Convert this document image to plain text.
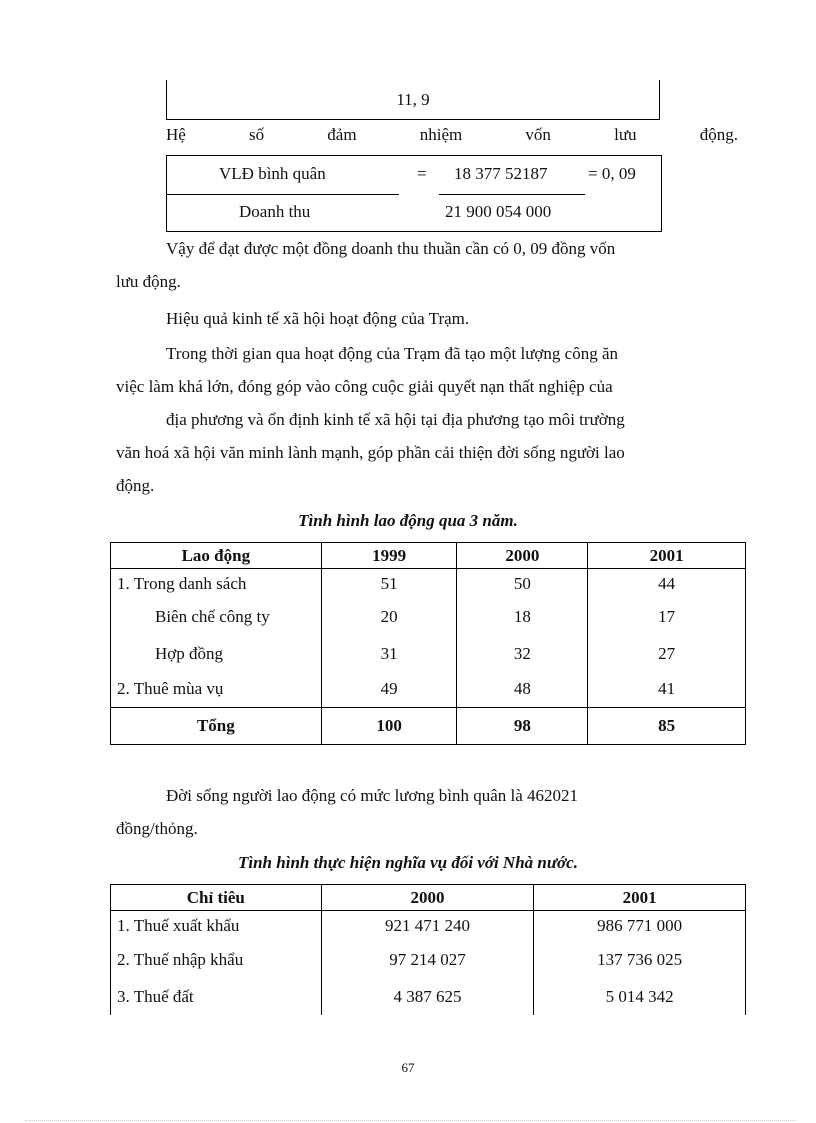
11, 9
Hệ	số	đảm	nhiệm	vốn	lưu	động.
VLĐ bình quân	= 18 377 52187 = 0, 09
Doanh thu	21 900 054 000
Vậy để đạt được một đồng doanh thu thuần cần có 0, 09 đồng vốn
lưu động.
Hiệu quả kinh tế xã hội hoạt động của Trạm.
Trong thời gian qua hoạt động của Trạm đã tạo một lượng công ăn
việc làm khá lớn, đóng góp vào công cuộc giải quyết nạn thất nghiệp của
địa phương và ổn định kinh tế xã hội tại địa phương tạo môi trường
văn hoá xã hội văn minh lành mạnh, góp phần cải thiện đời sống người lao
động.
Tình hình lao động qua 3 năm.
Lao động	1999	2000	2001
1. Trong danh sách	51	50	44
Biên chế công ty	20	18	17
Hợp đồng	31	32	27
2. Thuê mùa vụ	49	48	41
Tổng	100	98	85
Đời sống người lao động có mức lương bình quân là 462021
đồng/thỏng.
Tình hình thực hiện nghĩa vụ đối với Nhà nước.
Chỉ tiêu	2000	2001
1. Thuế xuất khẩu	921 471 240	986 771 000
2. Thuế nhập khẩu	97 214 027	137 736 025
3. Thuế đất	4 387 625	5 014 342
67
